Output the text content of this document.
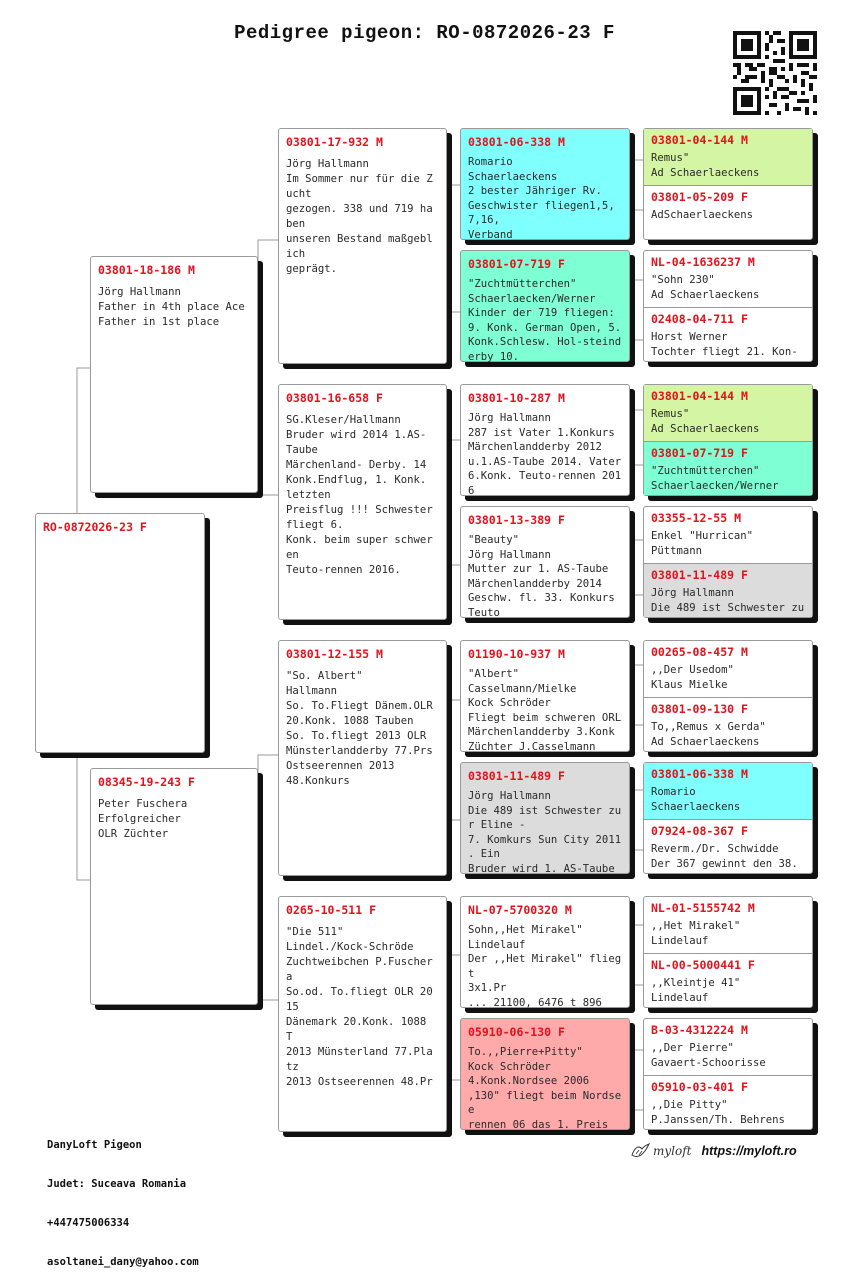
Pedigree pigeon: RO-0872026-23 F
RO-0872026-23 F
03801-18-186 M
Jörg Hallmann
Father in 4th place Ace
Father in 1st place
08345-19-243 F
Peter Fuschera
Erfolgreicher
OLR Züchter
03801-17-932 M
Jörg Hallmann
Im Sommer nur für die Zucht
gezogen. 338 und 719 haben
unseren Bestand maßgeblich
geprägt.
03801-16-658 F
SG.Kleser/Hallmann
Bruder wird 2014 1.AS- Taube
Märchenland- Derby. 14
Konk.Endflug, 1. Konk. letzten
Preisflug !!! Schwester
fliegt 6.
Konk. beim super schweren
Teuto-rennen 2016.
03801-12-155 M
"So. Albert"
Hallmann
So. To.Fliegt Dänem.OLR
20.Konk. 1088 Tauben
So. To.fliegt 2013 OLR
Münsterlandderby 77.Prs
Ostseerennen 2013
48.Konkurs
0265-10-511 F
"Die 511"
Lindel./Kock-Schröde
Zuchtweibchen P.Fuschera
So.od. To.fliegt OLR 2015
Dänemark 20.Konk. 1088 T
2013 Münsterland 77.Platz
2013 Ostseerennen 48.Pr
03801-06-338 M
Romario
Schaerlaeckens
2 bester Jähriger Rv.
Geschwister fliegen1,5,7,16,
Verband
03801-07-719 F
"Zuchtmütterchen"
Schaerlaecken/Werner
Kinder der 719 fliegen:
9. Konk. German Open, 5.
Konk.Schlesw. Hol-steind
erby 10.
03801-10-287 M
Jörg Hallmann
287 ist Vater 1.Konkurs
Märchenlandderby 2012
u.1.AS-Taube 2014. Vater
6.Konk. Teuto-rennen 2016
03801-13-389 F
"Beauty"
Jörg Hallmann
Mutter zur 1. AS-Taube
Märchenlandderby 2014
Geschw. fl. 33. Konkurs
Teuto
01190-10-937 M
"Albert"
Casselmann/Mielke
Kock Schröder
Fliegt beim schweren ORL
Märchenlandderby 3.Konk
Züchter J.Casselmann
03801-11-489 F
Jörg Hallmann
Die 489 ist Schwester zur Eline -
7. Komkurs Sun City 2011
. Ein
Bruder wird 1. AS-Taube
NL-07-5700320 M
Sohn,,Het Mirakel"
Lindelauf
Der ,,Het Mirakel" fliegt
3x1.Pr
... 21100, 6476 t 896
05910-06-130 F
To.,,Pierre+Pitty"
Kock Schröder
4.Konk.Nordsee 2006
,130" fliegt beim Nordsee
rennen 06 das 1. Preis
03801-04-144 M
Remus"
Ad Schaerlaeckens
03801-05-209 F
AdSchaerlaeckens
NL-04-1636237 M
"Sohn 230"
Ad Schaerlaeckens
02408-04-711 F
Horst Werner
Tochter fliegt 21. Kon-
03801-04-144 M
Remus"
Ad Schaerlaeckens
03801-07-719 F
"Zuchtmütterchen"
Schaerlaecken/Werner
03355-12-55 M
Enkel "Hurrican"
Püttmann
03801-11-489 F
Jörg Hallmann
Die 489 ist Schwester zu
00265-08-457 M
,,Der Usedom"
Klaus Mielke
03801-09-130 F
To,,Remus x Gerda"
Ad Schaerlaeckens
03801-06-338 M
Romario
Schaerlaeckens
07924-08-367 F
Reverm./Dr. Schwidde
Der 367 gewinnt den 38.
NL-01-5155742 M
,,Het Mirakel"
Lindelauf
NL-00-5000441 F
,,Kleintje 41"
Lindelauf
B-03-4312224 M
,,Der Pierre"
Gavaert-Schoorisse
05910-03-401 F
,,Die Pitty"
P.Janssen/Th. Behrens

DanyLoft Pigeon

Judet: Suceava Romania

+447475006334

asoltanei_dany@yahoo.com

myloft https://myloft.ro
